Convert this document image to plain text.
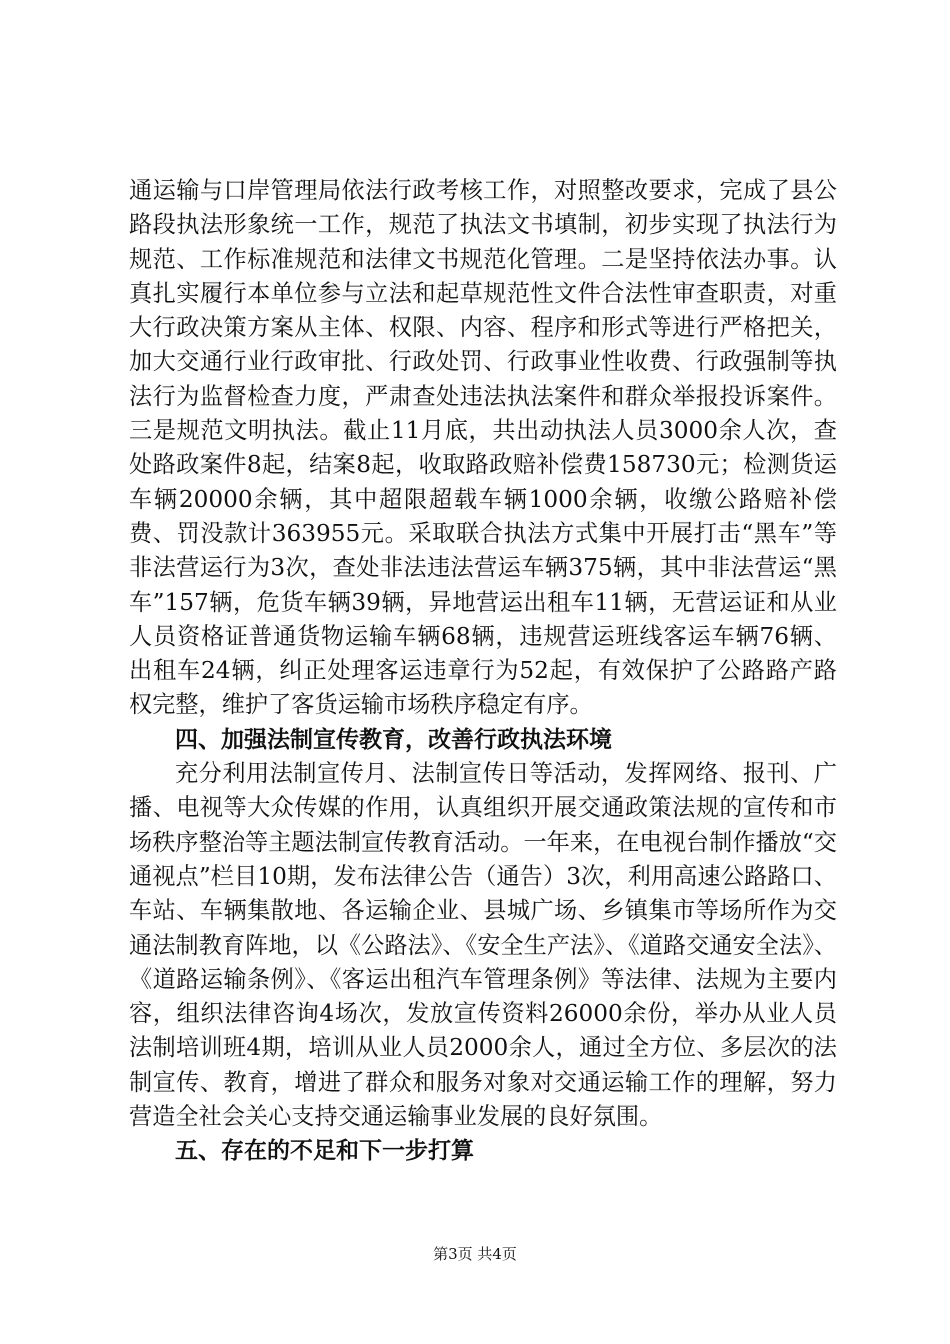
通运输与口岸管理局依法行政考核工作，对照整改要求，完成了县公路段执法形象统一工作，规范了执法文书填制，初步实现了执法行为规范、工作标准规范和法律文书规范化管理。二是坚持依法办事。认真扎实履行本单位参与立法和起草规范性文件合法性审查职责，对重大行政决策方案从主体、权限、内容、程序和形式等进行严格把关，加大交通行业行政审批、行政处罚、行政事业性收费、行政强制等执法行为监督检查力度，严肃查处违法执法案件和群众举报投诉案件。三是规范文明执法。截止11月底，共出动执法人员3000余人次，查处路政案件8起，结案8起，收取路政赔补偿费158730元；检测货运车辆20000余辆，其中超限超载车辆1000余辆，收缴公路赔补偿费、罚没款计363955元。采取联合执法方式集中开展打击“黑车”等非法营运行为3次，查处非法违法营运车辆375辆，其中非法营运“黑车”157辆，危货车辆39辆，异地营运出租车11辆，无营运证和从业人员资格证普通货物运输车辆68辆，违规营运班线客运车辆76辆、出租车24辆，纠正处理客运违章行为52起，有效保护了公路路产路权完整，维护了客货运输市场秩序稳定有序。

四、加强法制宣传教育，改善行政执法环境

充分利用法制宣传月、法制宣传日等活动，发挥网络、报刊、广播、电视等大众传媒的作用，认真组织开展交通政策法规的宣传和市场秩序整治等主题法制宣传教育活动。一年来，在电视台制作播放“交通视点”栏目10期，发布法律公告（通告）3次，利用高速公路路口、车站、车辆集散地、各运输企业、县城广场、乡镇集市等场所作为交通法制教育阵地，以《公路法》、《安全生产法》、《道路交通安全法》、《道路运输条例》、《客运出租汽车管理条例》等法律、法规为主要内容，组织法律咨询4场次，发放宣传资料26000余份，举办从业人员法制培训班4期，培训从业人员2000余人，通过全方位、多层次的法制宣传、教育，增进了群众和服务对象对交通运输工作的理解，努力营造全社会关心支持交通运输事业发展的良好氛围。

五、存在的不足和下一步打算
第3页 共4页
